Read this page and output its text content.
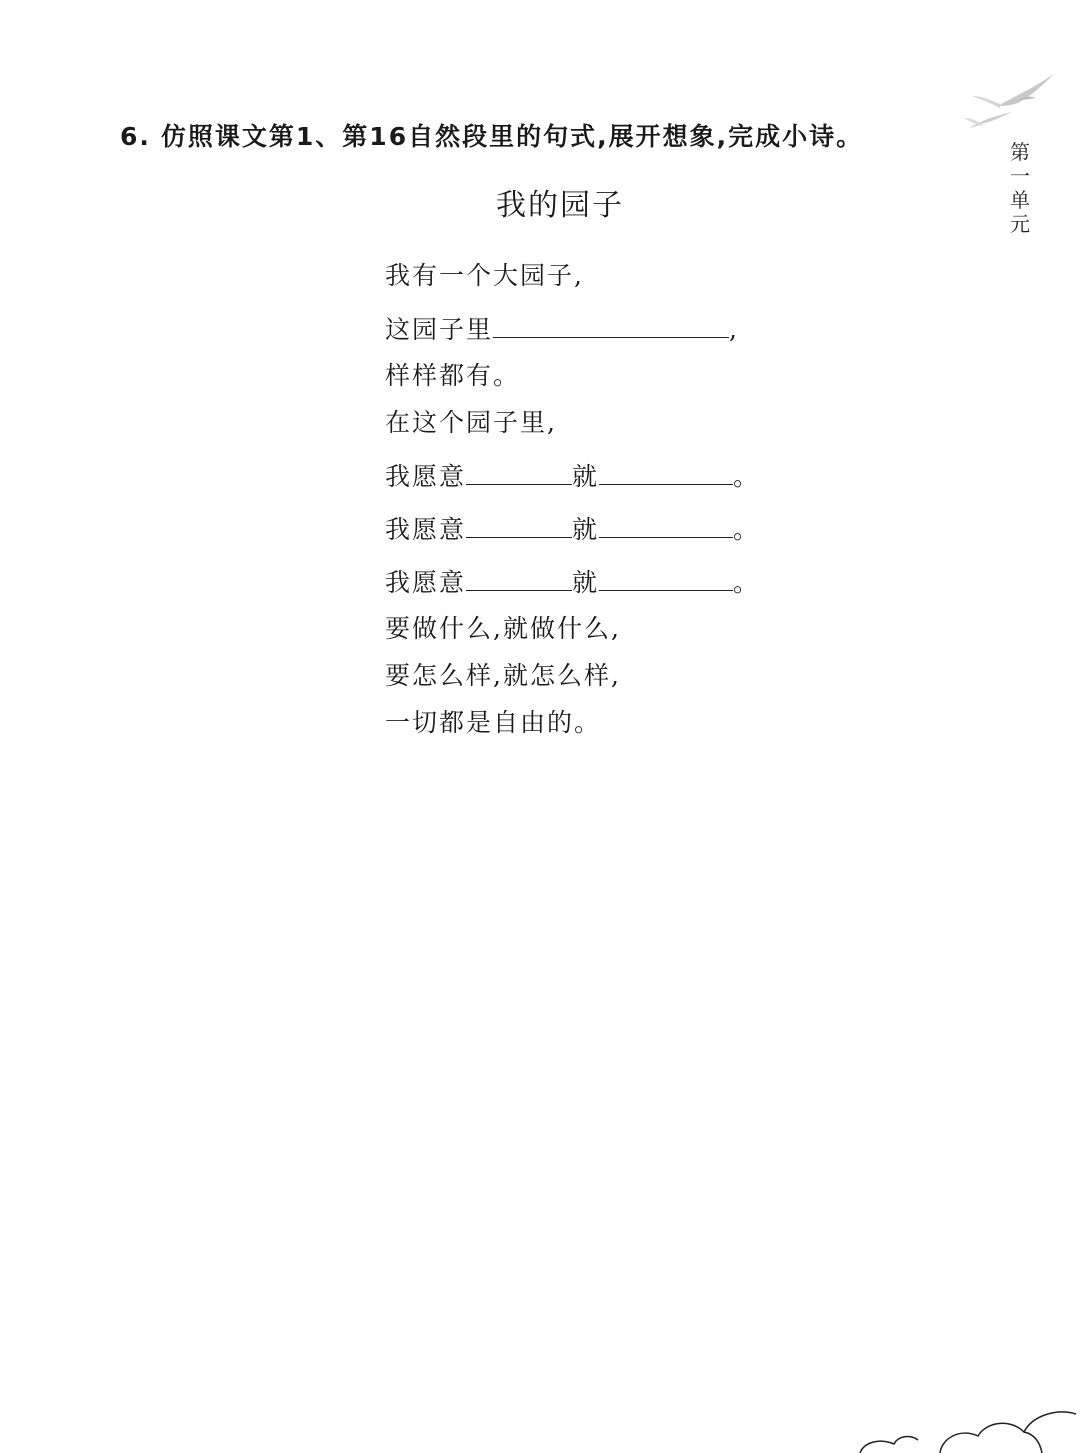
6. 仿照课文第1、第16自然段里的句式,展开想象,完成小诗。
第
一
单
元
我的园子
我有一个大园子,
这园子里	,
样样都有。
在这个园子里,
我愿意	就	。
我愿意	就	。
我愿意	就	。
要做什么,就做什么,
要怎么样,就怎么样,
一切都是自由的。
